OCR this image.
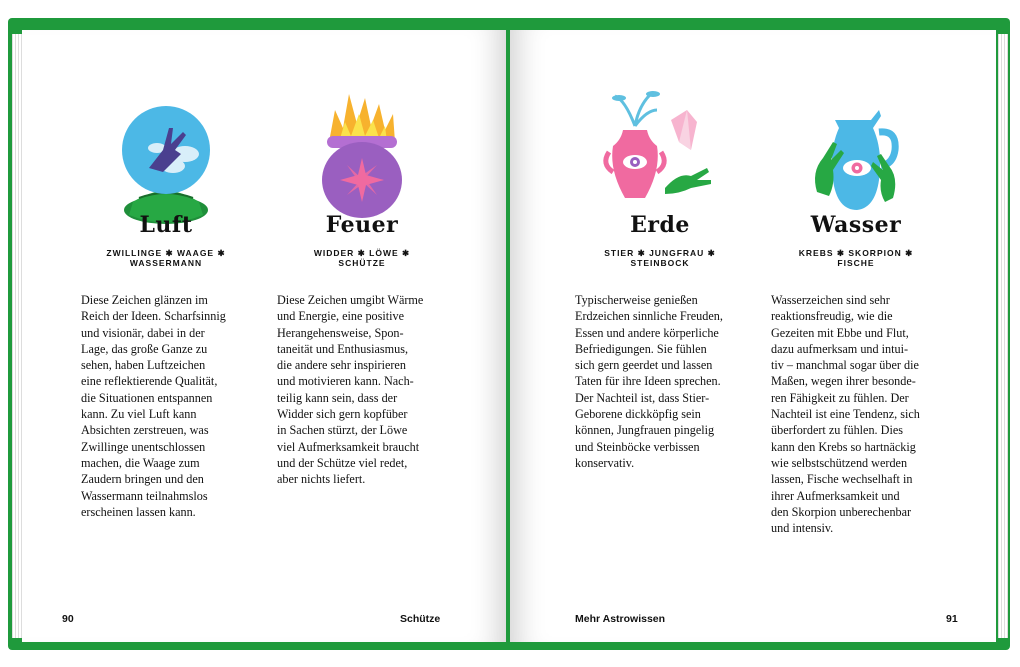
Luft
ZWILLINGE ✱ WAAGE ✱
WASSERMANN
Diese Zeichen glänzen im
Reich der Ideen. Scharfsinnig
und visionär, dabei in der
Lage, das große Ganze zu
sehen, haben Luftzeichen
eine reflektierende Qualität,
die Situationen entspannen
kann. Zu viel Luft kann
Absichten zerstreuen, was
Zwillinge unentschlossen
machen, die Waage zum
Zaudern bringen und den
Wassermann teilnahmslos
erscheinen lassen kann.
Feuer
WIDDER ✱ LÖWE ✱
SCHÜTZE
Diese Zeichen umgibt Wärme
und Energie, eine positive
Herangehensweise, Spon-
taneität und Enthusiasmus,
die andere sehr inspirieren
und motivieren kann. Nach-
teilig kann sein, dass der
Widder sich gern kopfüber
in Sachen stürzt, der Löwe
viel Aufmerksamkeit braucht
und der Schütze viel redet,
aber nichts liefert.
90	Schütze
Erde
STIER ✱ JUNGFRAU ✱
STEINBOCK
Typischerweise genießen
Erdzeichen sinnliche Freuden,
Essen und andere körperliche
Befriedigungen. Sie fühlen
sich gern geerdet und lassen
Taten für ihre Ideen sprechen.
Der Nachteil ist, dass Stier-
Geborene dickköpfig sein
können, Jungfrauen pingelig
und Steinböcke verbissen
konservativ.
Wasser
KREBS ✱ SKORPION ✱
FISCHE
Wasserzeichen sind sehr
reaktionsfreudig, wie die
Gezeiten mit Ebbe und Flut,
dazu aufmerksam und intui-
tiv – manchmal sogar über die
Maßen, wegen ihrer besonde-
ren Fähigkeit zu fühlen. Der
Nachteil ist eine Tendenz, sich
überfordert zu fühlen. Dies
kann den Krebs so hartnäckig
wie selbstschützend werden
lassen, Fische wechselhaft in
ihrer Aufmerksamkeit und
den Skorpion unberechenbar
und intensiv.
Mehr Astrowissen	91
